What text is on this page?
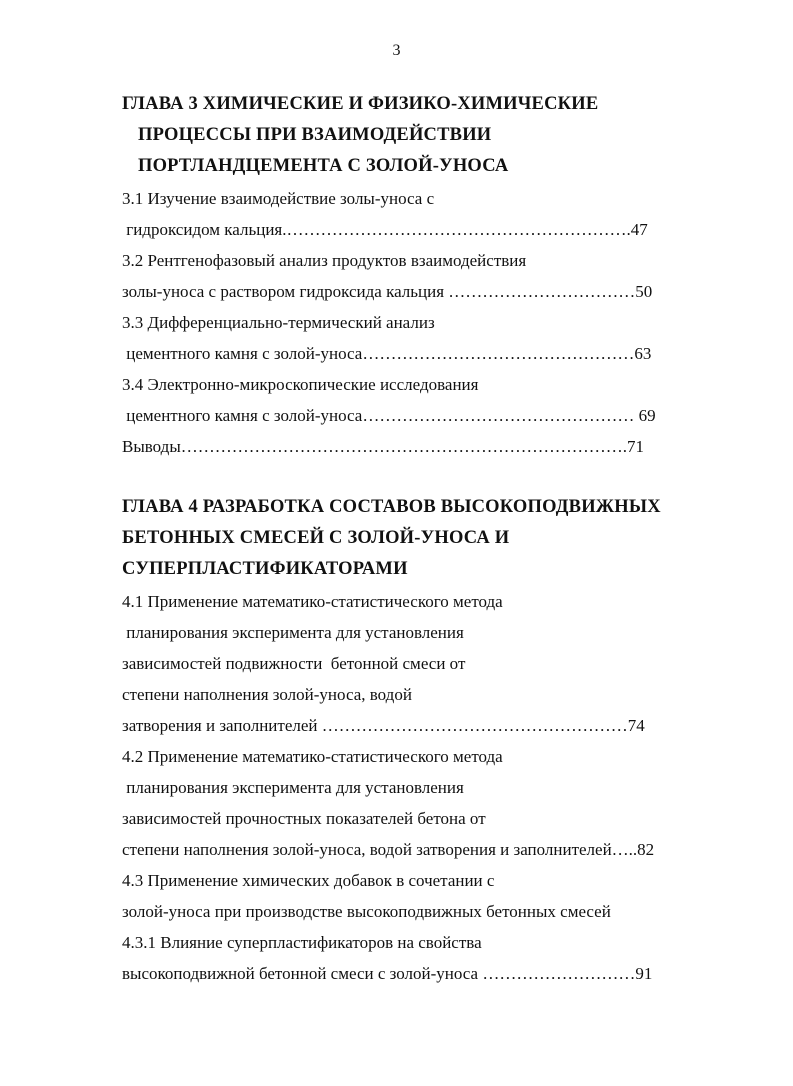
3
ГЛАВА 3 ХИМИЧЕСКИЕ И ФИЗИКО-ХИМИЧЕСКИЕ
ПРОЦЕССЫ ПРИ ВЗАИМОДЕЙСТВИИ
ПОРТЛАНДЦЕМЕНТА С ЗОЛОЙ-УНОСА
3.1 Изучение взаимодействие золы-уноса с
гидроксидом кальция.…………………………………………………….47
3.2 Рентгенофазовый анализ продуктов взаимодействия
золы-уноса с раствором гидроксида кальция ……………………………50
3.3 Дифференциально-термический анализ
цементного камня с золой-уноса…………………………………………63
3.4 Электронно-микроскопические исследования
цементного камня с золой-уноса………………………………………… 69
Выводы…………………………………………………………………….71
ГЛАВА 4 РАЗРАБОТКА СОСТАВОВ ВЫСОКОПОДВИЖНЫХ
БЕТОННЫХ СМЕСЕЙ С ЗОЛОЙ-УНОСА И
СУПЕРПЛАСТИФИКАТОРАМИ
4.1 Применение математико-статистического метода
планирования эксперимента для установления
зависимостей подвижности  бетонной смеси от
степени наполнения золой-уноса, водой
затворения и заполнителей ………………………………………………74
4.2 Применение математико-статистического метода
планирования эксперимента для установления
зависимостей прочностных показателей бетона от
степени наполнения золой-уноса, водой затворения и заполнителей…..82
4.3 Применение химических добавок в сочетании с
золой-уноса при производстве высокоподвижных бетонных смесей
4.3.1 Влияние суперпластификаторов на свойства
высокоподвижной бетонной смеси с золой-уноса ………………………91
